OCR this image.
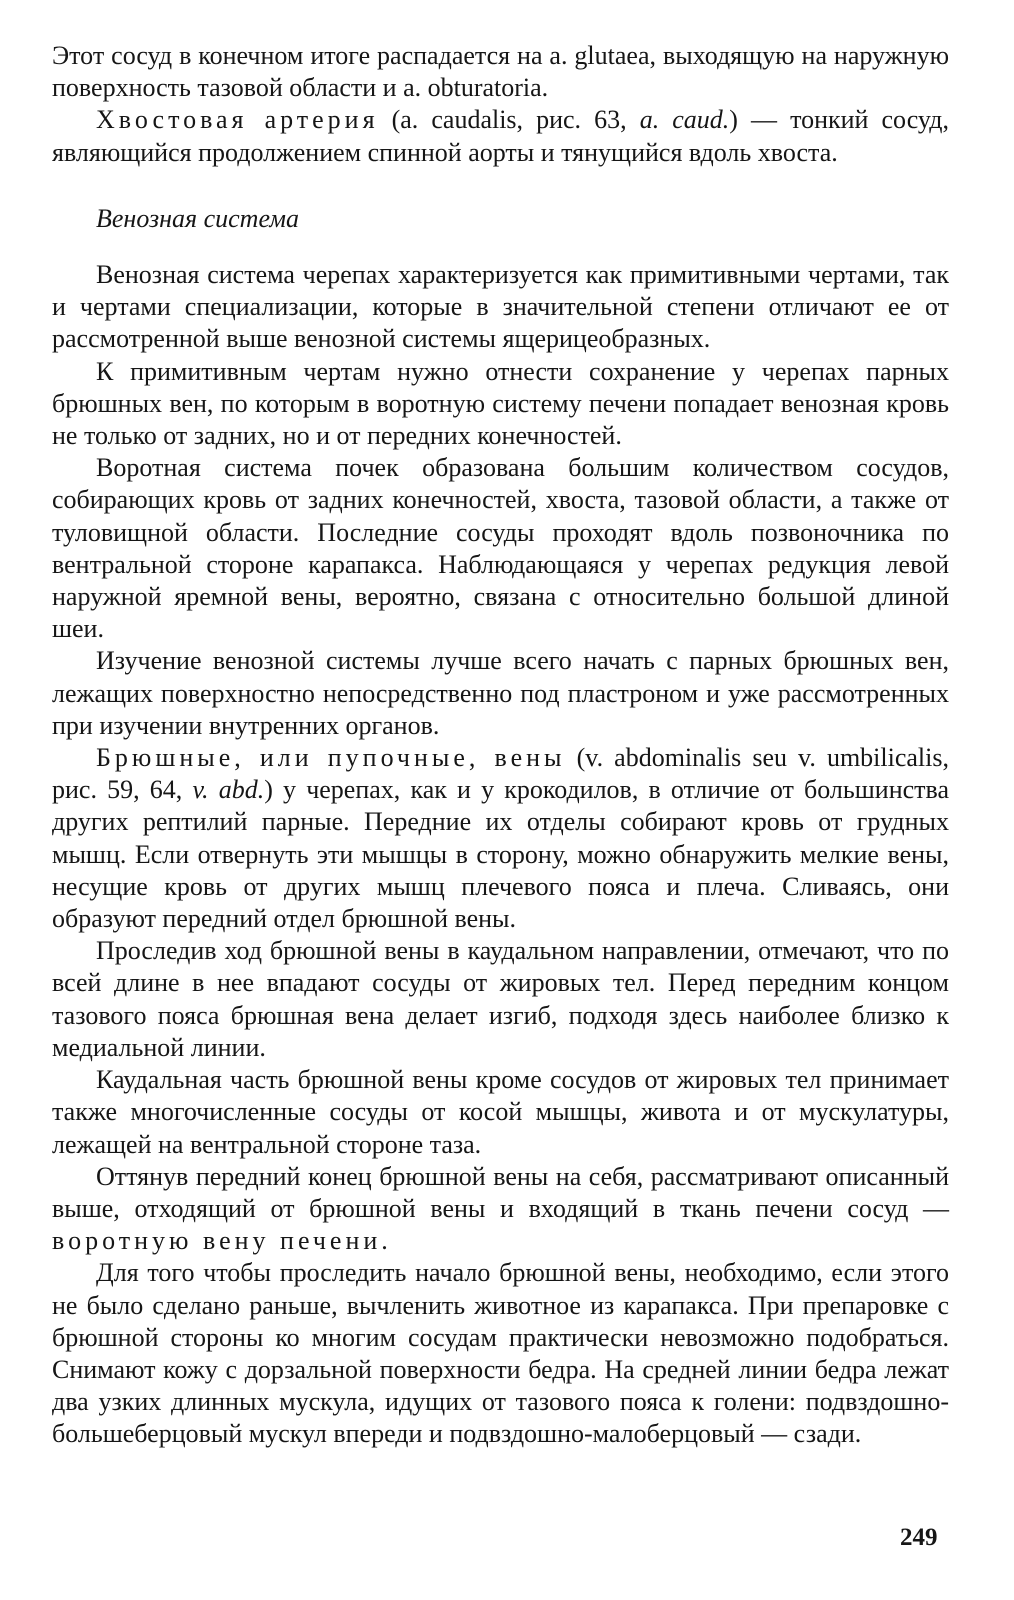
Этот сосуд в конечном итоге распадается на a. glutaea, выходящую на наружную поверхность тазовой области и a. obturatoria.

Хвостовая артерия (a. caudalis, рис. 63, a. caud.) — тонкий сосуд, являющийся продолжением спинной аорты и тянущийся вдоль хвоста.

Венозная система

Венозная система черепах характеризуется как примитивными чертами, так и чертами специализации, которые в значительной степени отличают ее от рассмотренной выше венозной системы ящерицеобразных.

К примитивным чертам нужно отнести сохранение у черепах парных брюшных вен, по которым в воротную систему печени попадает венозная кровь не только от задних, но и от передних конечностей.

Воротная система почек образована большим количеством сосудов, собирающих кровь от задних конечностей, хвоста, тазовой области, а также от туловищной области. Последние сосуды проходят вдоль позвоночника по вентральной стороне карапакса. Наблюдающаяся у черепах редукция левой наружной яремной вены, вероятно, связана с относительно большой длиной шеи.

Изучение венозной системы лучше всего начать с парных брюшных вен, лежащих поверхностно непосредственно под пластроном и уже рассмотренных при изучении внутренних органов.

Брюшные, или пупочные, вены (v. abdominalis seu v. umbilicalis, рис. 59, 64, v. abd.) у черепах, как и у крокодилов, в отличие от большинства других рептилий парные. Передние их отделы собирают кровь от грудных мышц. Если отвернуть эти мышцы в сторону, можно обнаружить мелкие вены, несущие кровь от других мышц плечевого пояса и плеча. Сливаясь, они образуют передний отдел брюшной вены.

Проследив ход брюшной вены в каудальном направлении, отмечают, что по всей длине в нее впадают сосуды от жировых тел. Перед передним концом тазового пояса брюшная вена делает изгиб, подходя здесь наиболее близко к медиальной линии.

Каудальная часть брюшной вены кроме сосудов от жировых тел принимает также многочисленные сосуды от косой мышцы, живота и от мускулатуры, лежащей на вентральной стороне таза.

Оттянув передний конец брюшной вены на себя, рассматривают описанный выше, отходящий от брюшной вены и входящий в ткань печени сосуд — воротную вену печени.

Для того чтобы проследить начало брюшной вены, необходимо, если этого не было сделано раньше, вычленить животное из карапакса. При препаровке с брюшной стороны ко многим сосудам практически невозможно подобраться. Снимают кожу с дорзальной поверхности бедра. На средней линии бедра лежат два узких длинных мускула, идущих от тазового пояса к голени: подвздошно-большеберцовый мускул впереди и подвздошно-малоберцовый — сзади.

249
